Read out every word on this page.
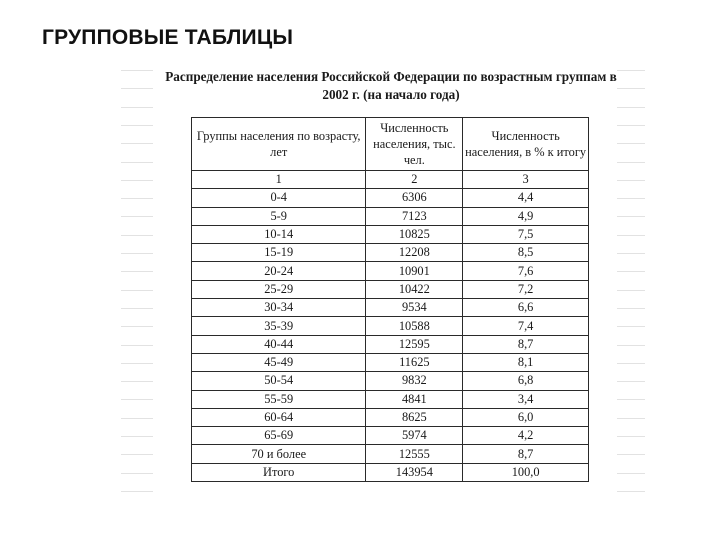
ГРУППОВЫЕ ТАБЛИЦЫ
Распределение населения Российской Федерации по возрастным группам в 2002 г. (на начало года)
Группы населения по возрасту, лет	Численность населения, тыс. чел.	Численность населения, в % к итогу
1	2	3
0-4	6306	4,4
5-9	7123	4,9
10-14	10825	7,5
15-19	12208	8,5
20-24	10901	7,6
25-29	10422	7,2
30-34	9534	6,6
35-39	10588	7,4
40-44	12595	8,7
45-49	11625	8,1
50-54	9832	6,8
55-59	4841	3,4
60-64	8625	6,0
65-69	5974	4,2
70 и более	12555	8,7
Итого	143954	100,0
